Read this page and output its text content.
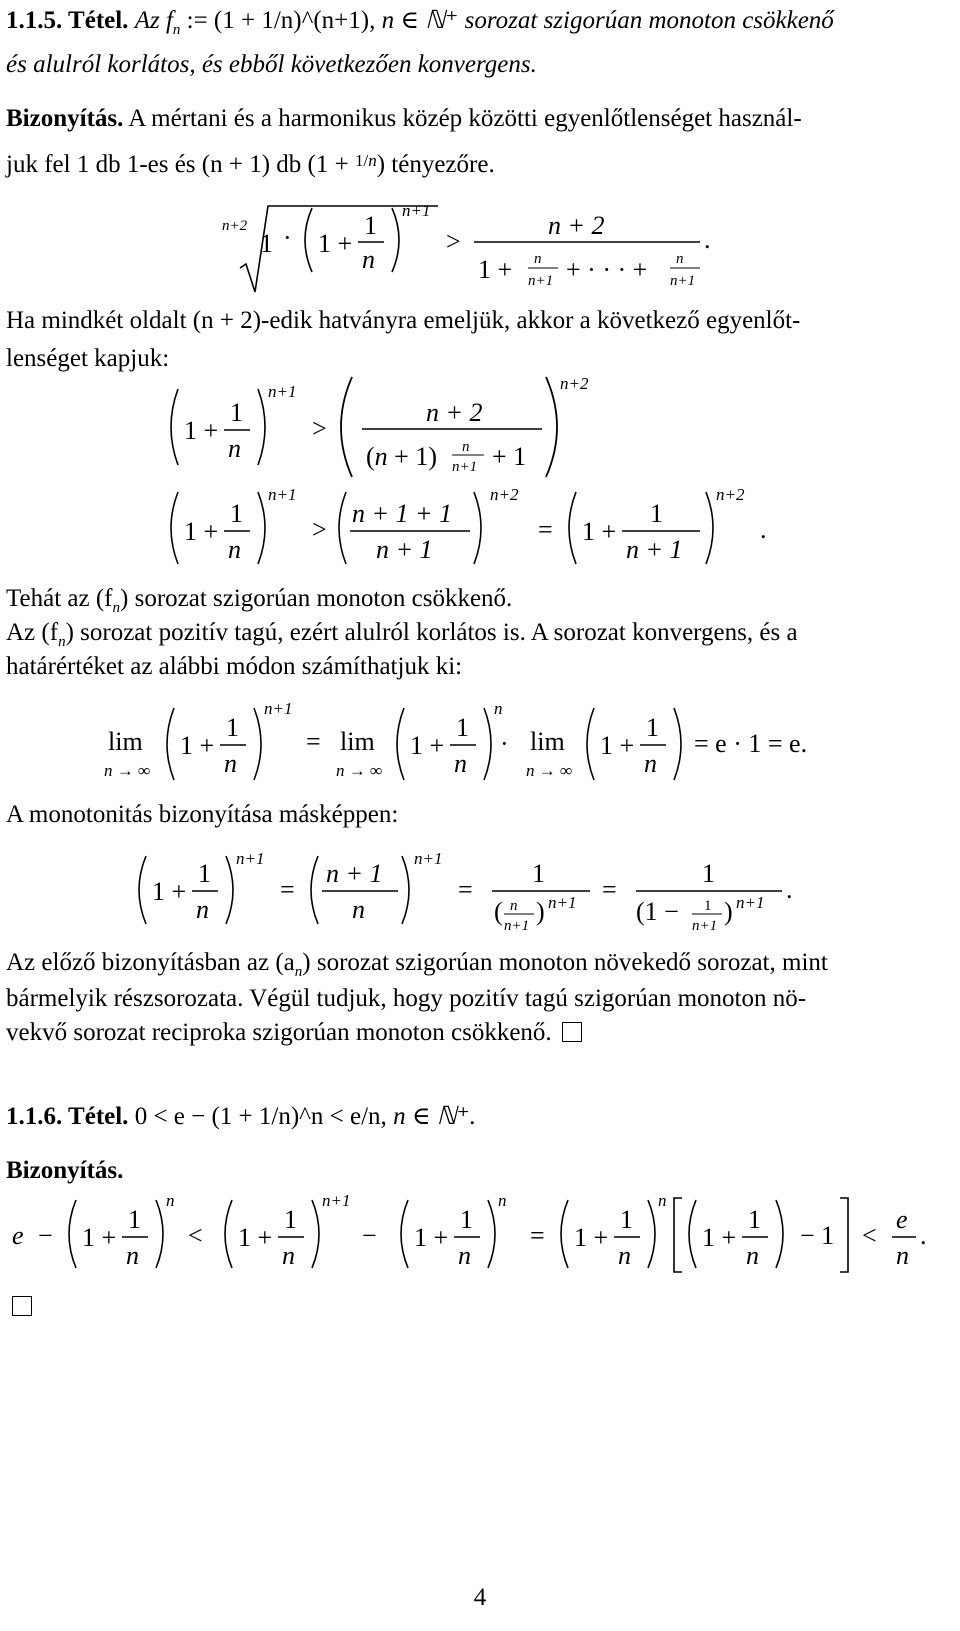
1.1.5. Tétel. Az $f_n$ := (1 + 1/n)^(n+1), n ∈ ℕ⁺ sorozat szigorúan monoton csökkenő
és alulról korlátos, és ebből következően konvergens.
Bizonyítás. A mértani és a harmonikus közép közötti egyenlőtlenséget használ-
juk fel 1 db 1-es és (n + 1) db (1 + $^{1/n}$) tényezőre.
n+2
1 · 1 +
1
n
n+1
>
n + 2
1 + n
n+1 + · · · + n
n+1
.
Ha mindkét oldalt (n + 2)-edik hatványra emeljük, akkor a következő egyenlőt-
lenséget kapjuk:
1 +
1
n
n+1
>
n + 2
(n + 1) n
n+1 + 1
n+2
1 +
1
n
n+1
>
n + 1 + 1
n + 1
n+2
= 1 +
1
n + 1
n+2
.
Tehát az $(f_n)$ sorozat szigorúan monoton csökkenő.
Az $(f_n)$ sorozat pozitív tagú, ezért alulról korlátos is. A sorozat konvergens, és a
határértéket az alábbi módon számíthatjuk ki:
lim
n → ∞
1 +
1
n
n+1
= lim
n → ∞
1 +
1
n
n
· lim
n → ∞
1 +
1
n
= e · 1 = e.
A monotonitás bizonyítása másképpen:
1 +
1
n
n+1
=
n + 1
n
n+1
=
1
( n
n+1 ) n+1 =
1
(1 − 1
n+1 ) n+1 .
Az előző bizonyításban az $(a_n)$ sorozat szigorúan monoton növekedő sorozat, mint
bármelyik részsorozata. Végül tudjuk, hogy pozitív tagú szigorúan monoton nö-
vekvő sorozat reciproka szigorúan monoton csökkenő.
1.1.6. Tétel. 0 < e − (1 + 1/n)^n < e/n, n ∈ ℕ⁺.
Bizonyítás.
e − 1 +
1
n
n
< 1 +
1
n
n+1
− 1 +
1
n
n
= 1 +
1
n
n
1 +
1
n
− 1 <
e
n
.
4
